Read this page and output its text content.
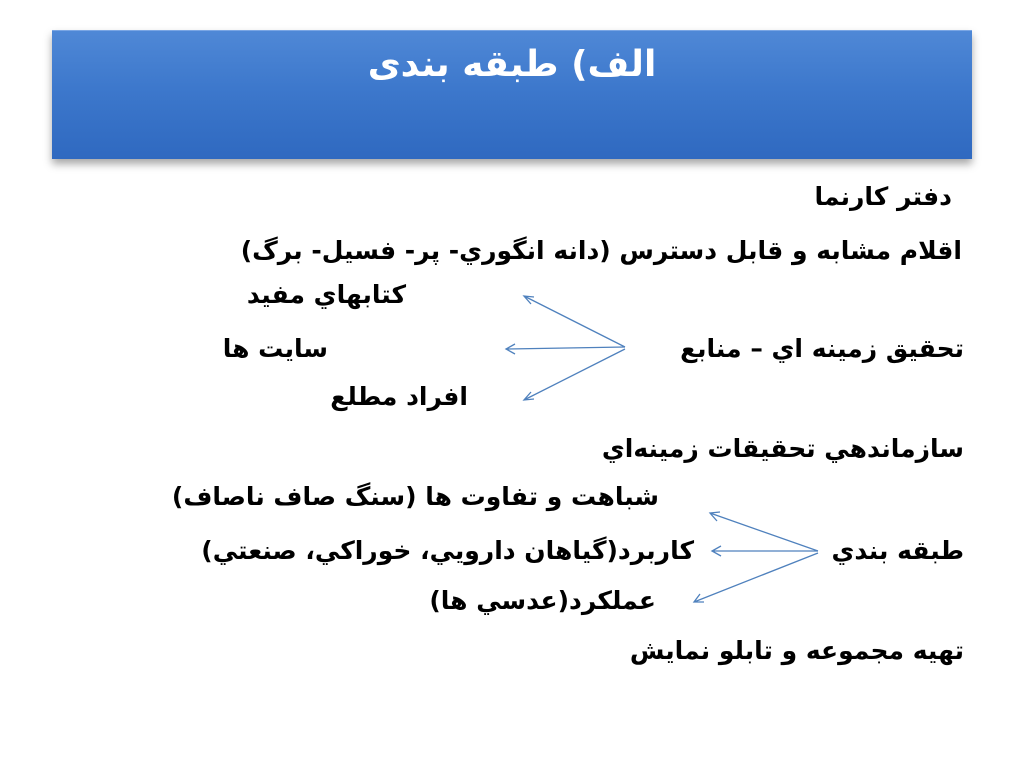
الف) طبقه بندی
دفتر كارنما
اقلام مشابه و قابل دسترس (دانه انگوري- پر- فسيل- برگ)
كتابهاي مفيد
تحقيق زمينه اي – منابع
سايت ها
افراد مطلع
سازماندهي تحقيقات زمينه‌اي
شباهت و تفاوت ها (سنگ صاف ناصاف)
طبقه بندي
كاربرد(گياهان دارويي، خوراكي، صنعتي)
عملكرد(عدسي ها)
تهيه مجموعه و تابلو نمايش
